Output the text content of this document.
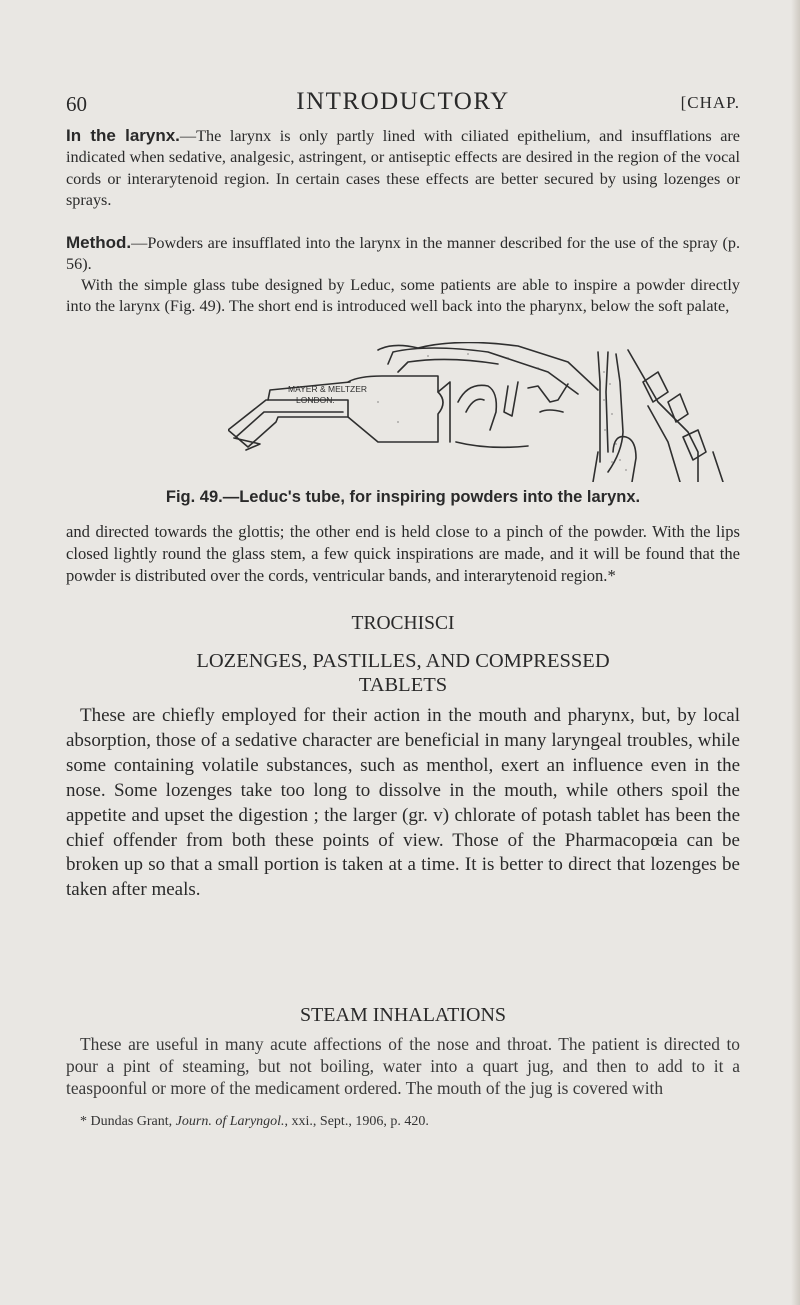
60	INTRODUCTORY	[CHAP.
In the larynx.—The larynx is only partly lined with ciliated epithelium, and insufflations are indicated when sedative, analgesic, astringent, or antiseptic effects are desired in the region of the vocal cords or interarytenoid region. In certain cases these effects are better secured by using lozenges or sprays.
Method.—Powders are insufflated into the larynx in the manner described for the use of the spray (p. 56).
With the simple glass tube designed by Leduc, some patients are able to inspire a powder directly into the larynx (Fig. 49). The short end is introduced well back into the pharynx, below the soft palate,
MAYER & MELTZER
LONDON.
Fig. 49.—Leduc's tube, for inspiring powders into the larynx.
and directed towards the glottis; the other end is held close to a pinch of the powder. With the lips closed lightly round the glass stem, a few quick inspirations are made, and it will be found that the powder is distributed over the cords, ventricular bands, and interarytenoid region.*
TROCHISCI
LOZENGES, PASTILLES, AND COMPRESSED
TABLETS
These are chiefly employed for their action in the mouth and pharynx, but, by local absorption, those of a sedative character are beneficial in many laryngeal troubles, while some containing volatile substances, such as menthol, exert an influence even in the nose. Some lozenges take too long to dissolve in the mouth, while others spoil the appetite and upset the digestion ; the larger (gr. v) chlorate of potash tablet has been the chief offender from both these points of view. Those of the Pharmacopœia can be broken up so that a small portion is taken at a time. It is better to direct that lozenges be taken after meals.
STEAM INHALATIONS
These are useful in many acute affections of the nose and throat. The patient is directed to pour a pint of steaming, but not boiling, water into a quart jug, and then to add to it a teaspoonful or more of the medicament ordered. The mouth of the jug is covered with
* Dundas Grant, Journ. of Laryngol., xxi., Sept., 1906, p. 420.
